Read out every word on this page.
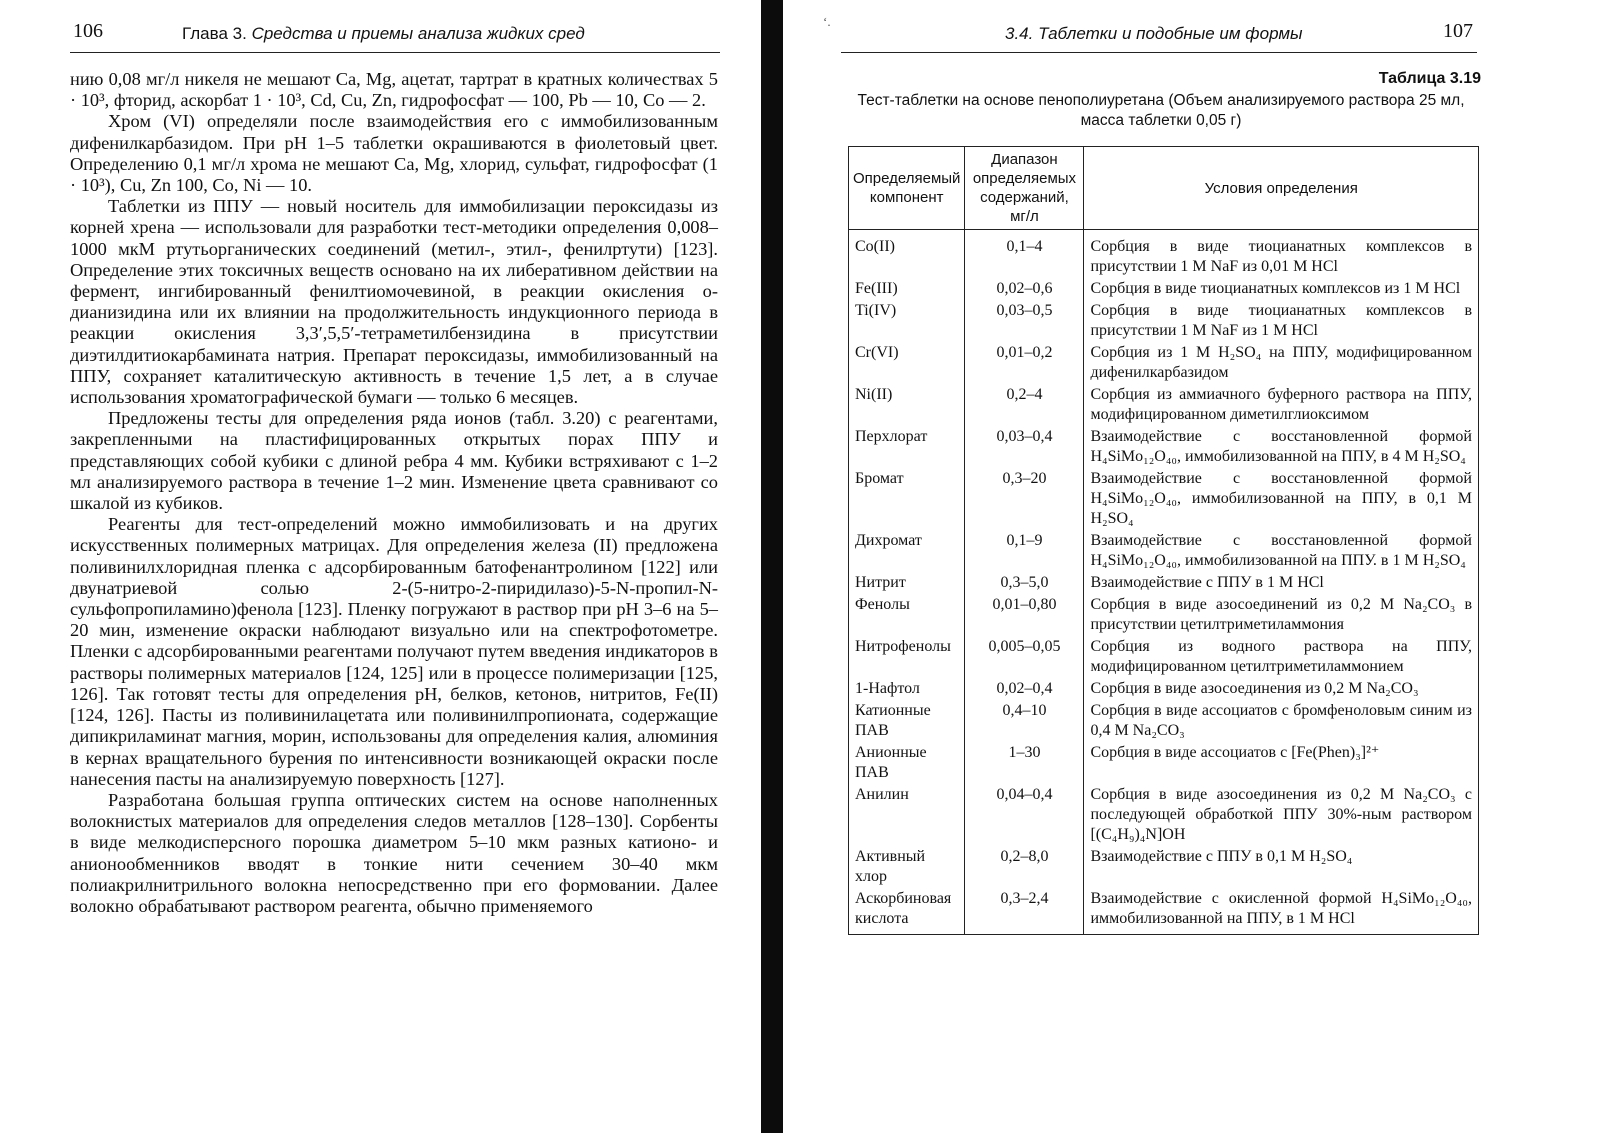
106	Глава 3. Средства и приемы анализа жидких сред

нию 0,08 мг/л никеля не мешают Са, Mg, ацетат, тартрат в кратных количествах 5 · 10³, фторид, аскорбат 1 · 10³, Cd, Cu, Zn, гидрофосфат — 100, Pb — 10, Со — 2.

Хром (VI) определяли после взаимодействия его с иммобилизованным дифенилкарбазидом. При рН 1–5 таблетки окрашиваются в фиолетовый цвет. Определению 0,1 мг/л хрома не мешают Са, Mg, хлорид, сульфат, гидрофосфат (1 · 10³), Cu, Zn 100, Co, Ni — 10.

Таблетки из ППУ — новый носитель для иммобилизации пероксидазы из корней хрена — использовали для разработки тест-методики определения 0,008–1000 мкМ ртутьорганических соединений (метил-, этил-, фенилртути) [123]. Определение этих токсичных веществ основано на их либеративном действии на фермент, ингибированный фенилтиомочевиной, в реакции окисления о-дианизидина или их влиянии на продолжительность индукционного периода в реакции окисления 3,3′,5,5′-тетраметилбензидина в присутствии диэтилдитиокарбамината натрия. Препарат пероксидазы, иммобилизованный на ППУ, сохраняет каталитическую активность в течение 1,5 лет, а в случае использования хроматографической бумаги — только 6 месяцев.

Предложены тесты для определения ряда ионов (табл. 3.20) с реагентами, закрепленными на пластифицированных открытых порах ППУ и представляющих собой кубики с длиной ребра 4 мм. Кубики встряхивают с 1–2 мл анализируемого раствора в течение 1–2 мин. Изменение цвета сравнивают со шкалой из кубиков.

Реагенты для тест-определений можно иммобилизовать и на других искусственных полимерных матрицах. Для определения железа (II) предложена поливинилхлоридная пленка с адсорбированным батофенантролином [122] или двунатриевой солью 2-(5-нитро-2-пиридилазо)-5-N-пропил-N-сульфопропиламино)фенола [123]. Пленку погружают в раствор при рН 3–6 на 5–20 мин, изменение окраски наблюдают визуально или на спектрофотометре. Пленки с адсорбированными реагентами получают путем введения индикаторов в растворы полимерных материалов [124, 125] или в процессе полимеризации [125, 126]. Так готовят тесты для определения рН, белков, кетонов, нитритов, Fe(II) [124, 126]. Пасты из поливинилацетата или поливинилпропионата, содержащие дипикриламинат магния, морин, использованы для определения калия, алюминия в кернах вращательного бурения по интенсивности возникающей окраски после нанесения пасты на анализируемую поверхность [127].

Разработана большая группа оптических систем на основе наполненных волокнистых материалов для определения следов металлов [128–130]. Сорбенты в виде мелкодисперсного порошка диаметром 5–10 мкм разных катионо- и анионообменников вводят в тонкие нити сечением 30–40 мкм полиакрилнитрильного волокна непосредственно при его формовании. Далее волокно обрабатывают раствором реагента, обычно применяемого

‘.
3.4. Таблетки и подобные им формы	107
Таблица 3.19
Тест-таблетки на основе пенополиуретана (Объем анализируемого раствора 25 мл, масса таблетки 0,05 г)
Определяемый компонент	Диапазон определяемых содержаний, мг/л	Условия определения
Co(II)	0,1–4	Сорбция в виде тиоцианатных комплексов в присутствии 1 М NaF из 0,01 М HCl
Fe(III)	0,02–0,6	Сорбция в виде тиоцианатных комплексов из 1 М HCl
Ti(IV)	0,03–0,5	Сорбция в виде тиоцианатных комплексов в присутствии 1 М NaF из 1 М HCl
Cr(VI)	0,01–0,2	Сорбция из 1 М H₂SO₄ на ППУ, модифицированном дифенилкарбазидом
Ni(II)	0,2–4	Сорбция из аммиачного буферного раствора на ППУ, модифицированном диметилглиоксимом
Перхлорат	0,03–0,4	Взаимодействие с восстановленной формой H₄SiMo₁₂O₄₀, иммобилизованной на ППУ, в 4 М H₂SO₄
Бромат	0,3–20	Взаимодействие с восстановленной формой H₄SiMo₁₂O₄₀, иммобилизованной на ППУ, в 0,1 М H₂SO₄
Дихромат	0,1–9	Взаимодействие с восстановленной формой H₄SiMo₁₂O₄₀, иммобилизованной на ППУ. в 1 М H₂SO₄
Нитрит	0,3–5,0	Взаимодействие с ППУ в 1 М HCl
Фенолы	0,01–0,80	Сорбция в виде азосоединений из 0,2 М Na₂CO₃ в присутствии цетилтриметиламмония
Нитрофенолы	0,005–0,05	Сорбция из водного раствора на ППУ, модифицированном цетилтриметиламмонием
1-Нафтол	0,02–0,4	Сорбция в виде азосоединения из 0,2 М Na₂CO₃
Катионные ПАВ	0,4–10	Сорбция в виде ассоциатов с бромфеноловым синим из 0,4 М Na₂CO₃
Анионные ПАВ	1–30	Сорбция в виде ассоциатов с [Fe(Phen)₃]²⁺
Анилин	0,04–0,4	Сорбция в виде азосоединения из 0,2 М Na₂CO₃ с последующей обработкой ППУ 30%-ным раствором [(C₄H₉)₄N]OH
Активный хлор	0,2–8,0	Взаимодействие с ППУ в 0,1 М H₂SO₄
Аскорбиновая кислота	0,3–2,4	Взаимодействие с окисленной формой H₄SiMo₁₂O₄₀, иммобилизованной на ППУ, в 1 М HCl
